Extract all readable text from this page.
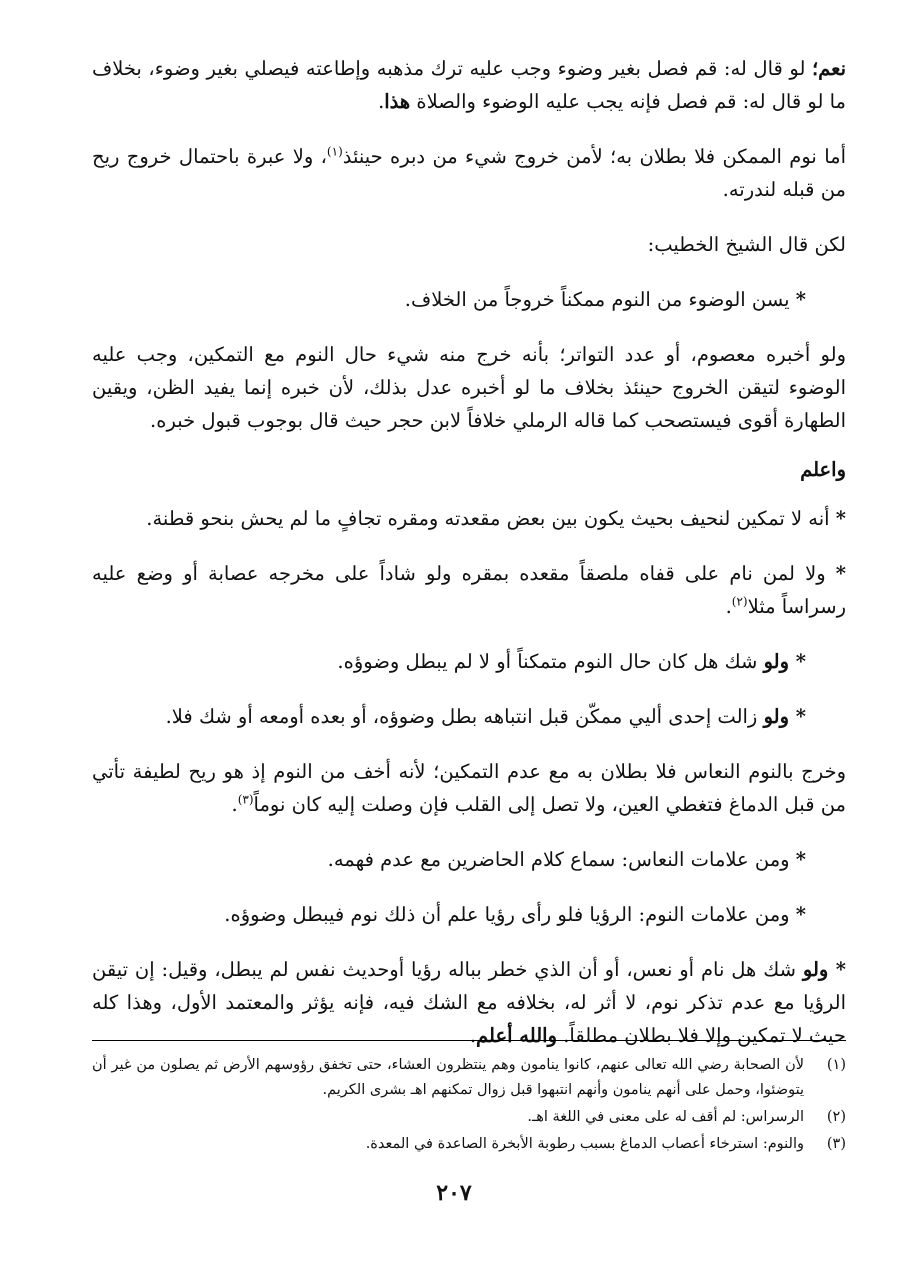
نعم؛ لو قال له: قم فصل بغير وضوء وجب عليه ترك مذهبه وإطاعته فيصلي بغير وضوء، بخلاف ما لو قال له: قم فصل فإنه يجب عليه الوضوء والصلاة هذا.

أما نوم الممكن فلا بطلان به؛ لأمن خروج شيء من دبره حينئذ$^{(١)}$، ولا عبرة باحتمال خروج ريح من قبله لندرته.

لكن قال الشيخ الخطيب:

* يسن الوضوء من النوم ممكناً خروجاً من الخلاف.

ولو أخبره معصوم، أو عدد التواتر؛ بأنه خرج منه شيء حال النوم مع التمكين، وجب عليه الوضوء لتيقن الخروج حينئذ بخلاف ما لو أخبره عدل بذلك، لأن خبره إنما يفيد الظن، ويقين الطهارة أقوى فيستصحب كما قاله الرملي خلافاً لابن حجر حيث قال بوجوب قبول خبره.

واعلم

* أنه لا تمكين لنحيف بحيث يكون بين بعض مقعدته ومقره تجافٍ ما لم يحش بنحو قطنة.

* ولا لمن نام على قفاه ملصقاً مقعده بمقره ولو شاداً على مخرجه عصابة أو وضع عليه رسراساً مثلا$^{(٢)}$.

* ولو شك هل كان حال النوم متمكناً أو لا لم يبطل وضوؤه.

* ولو زالت إحدى أليي ممكّن قبل انتباهه بطل وضوؤه، أو بعده أومعه أو شك فلا.

وخرج بالنوم النعاس فلا بطلان به مع عدم التمكين؛ لأنه أخف من النوم إذ هو ريح لطيفة تأتي من قبل الدماغ فتغطي العين، ولا تصل إلى القلب فإن وصلت إليه كان نوماً$^{(٣)}$.

* ومن علامات النعاس: سماع كلام الحاضرين مع عدم فهمه.

* ومن علامات النوم: الرؤيا فلو رأى رؤيا علم أن ذلك نوم فيبطل وضوؤه.

* ولو شك هل نام أو نعس، أو أن الذي خطر بباله رؤيا أوحديث نفس لم يبطل، وقيل: إن تيقن الرؤيا مع عدم تذكر نوم، لا أثر له، بخلافه مع الشك فيه، فإنه يؤثر والمعتمد الأول، وهذا كله حيث لا تمكين وإلا فلا بطلان مطلقاً. والله أعلم.

(١)
لأن الصحابة رضي الله تعالى عنهم، كانوا ينامون وهم ينتظرون العشاء، حتى تخفق رؤوسهم الأرض ثم يصلون من غير أن يتوضئوا، وحمل على أنهم ينامون وأنهم انتبهوا قبل زوال تمكنهم اهـ بشرى الكريم.
(٢)
الرسراس: لم أقف له على معنى في اللغة اهـ.
(٣)
والنوم: استرخاء أعصاب الدماغ بسبب رطوبة الأبخرة الصاعدة في المعدة.
٢٠٧
